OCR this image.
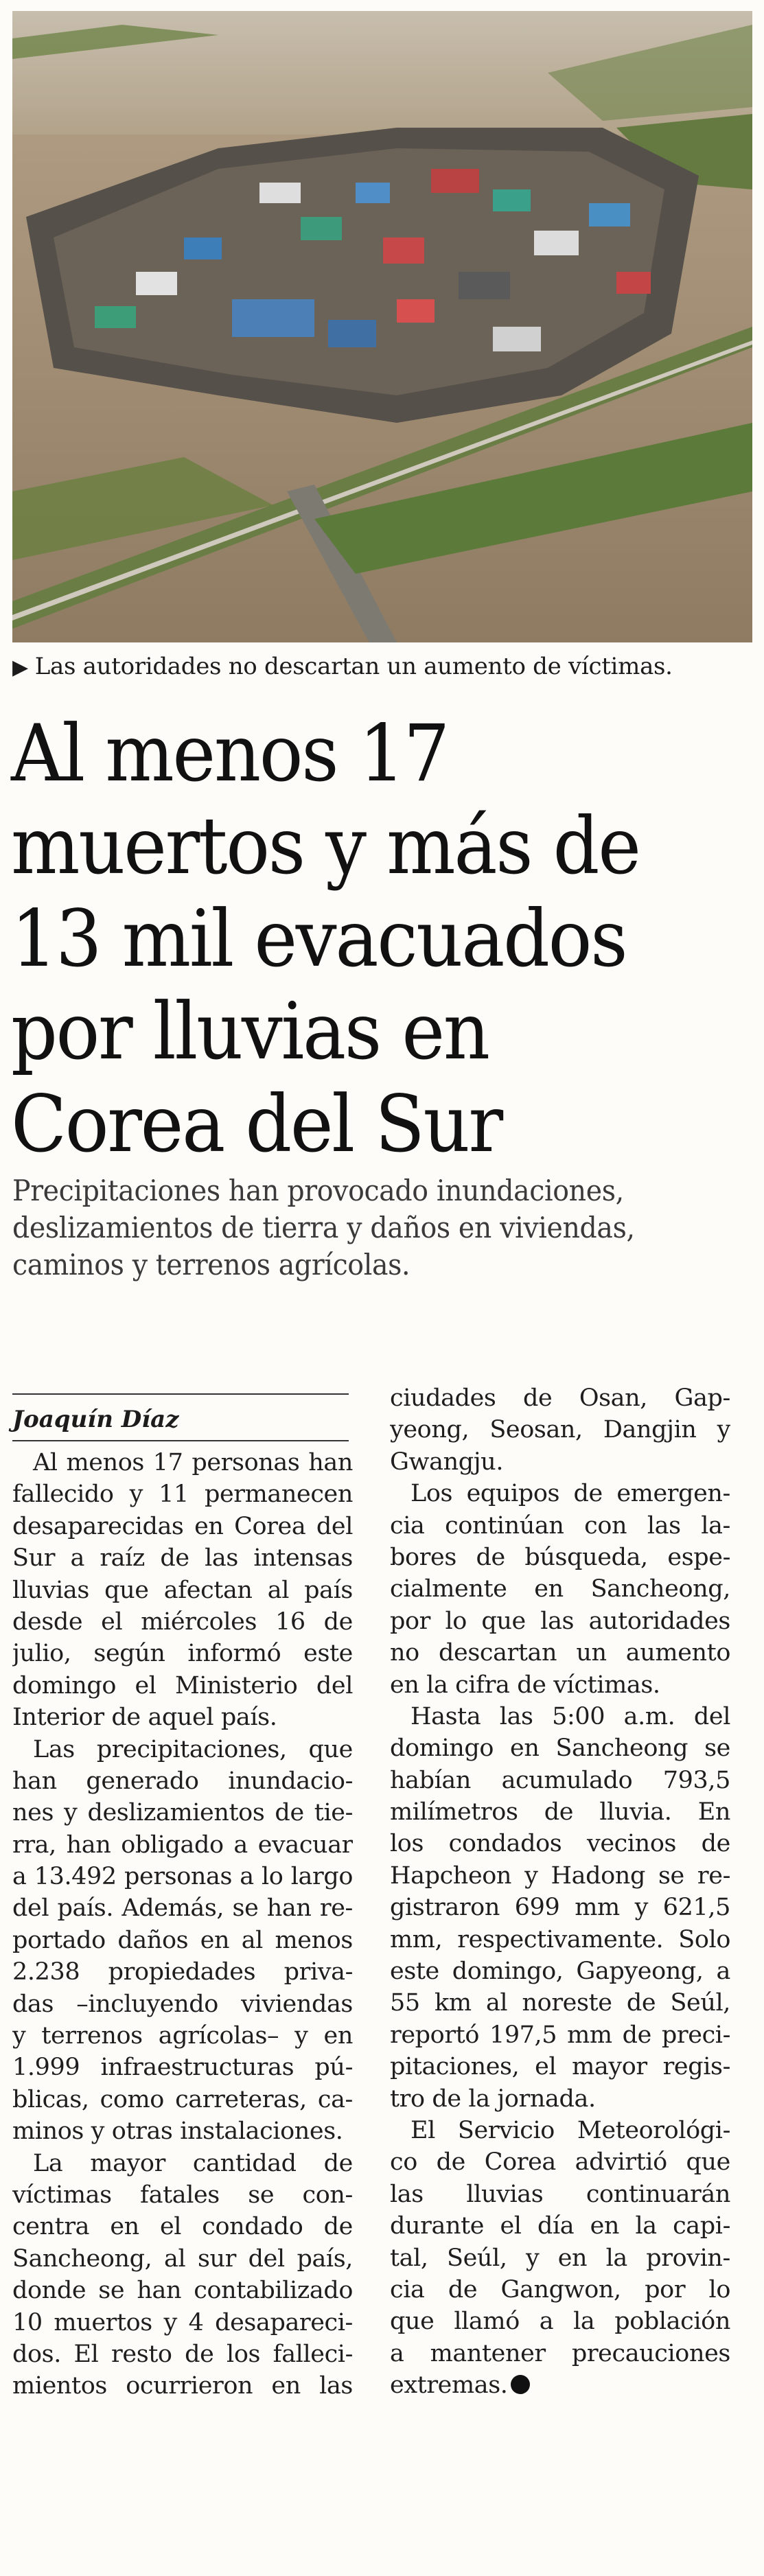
▶ Las autoridades no descartan un aumento de víctimas.
Al menos 17
muertos y más de
13 mil evacuados
por lluvias en
Corea del Sur
Precipitaciones han provocado inundaciones,
deslizamientos de tierra y daños en viviendas,
caminos y terrenos agrícolas.
Joaquín Díaz
Al menos 17 personas han
fallecido y 11 permanecen
desaparecidas en Corea del
Sur a raíz de las intensas
lluvias que afectan al país
desde el miércoles 16 de
julio, según informó este
domingo el Ministerio del
Interior de aquel país.
Las precipitaciones, que
han generado inundacio-
nes y deslizamientos de tie-
rra, han obligado a evacuar
a 13.492 personas a lo largo
del país. Además, se han re-
portado daños en al menos
2.238 propiedades priva-
das –incluyendo viviendas
y terrenos agrícolas– y en
1.999 infraestructuras pú-
blicas, como carreteras, ca-
minos y otras instalaciones.
La mayor cantidad de
víctimas fatales se con-
centra en el condado de
Sancheong, al sur del país,
donde se han contabilizado
10 muertos y 4 desapareci-
dos. El resto de los falleci-
mientos ocurrieron en las
ciudades de Osan, Gap-
yeong, Seosan, Dangjin y
Gwangju.
Los equipos de emergen-
cia continúan con las la-
bores de búsqueda, espe-
cialmente en Sancheong,
por lo que las autoridades
no descartan un aumento
en la cifra de víctimas.
Hasta las 5:00 a.m. del
domingo en Sancheong se
habían acumulado 793,5
milímetros de lluvia. En
los condados vecinos de
Hapcheon y Hadong se re-
gistraron 699 mm y 621,5
mm, respectivamente. Solo
este domingo, Gapyeong, a
55 km al noreste de Seúl,
reportó 197,5 mm de preci-
pitaciones, el mayor regis-
tro de la jornada.
El Servicio Meteorológi-
co de Corea advirtió que
las lluvias continuarán
durante el día en la capi-
tal, Seúl, y en la provin-
cia de Gangwon, por lo
que llamó a la población
a mantener precauciones
extremas.
